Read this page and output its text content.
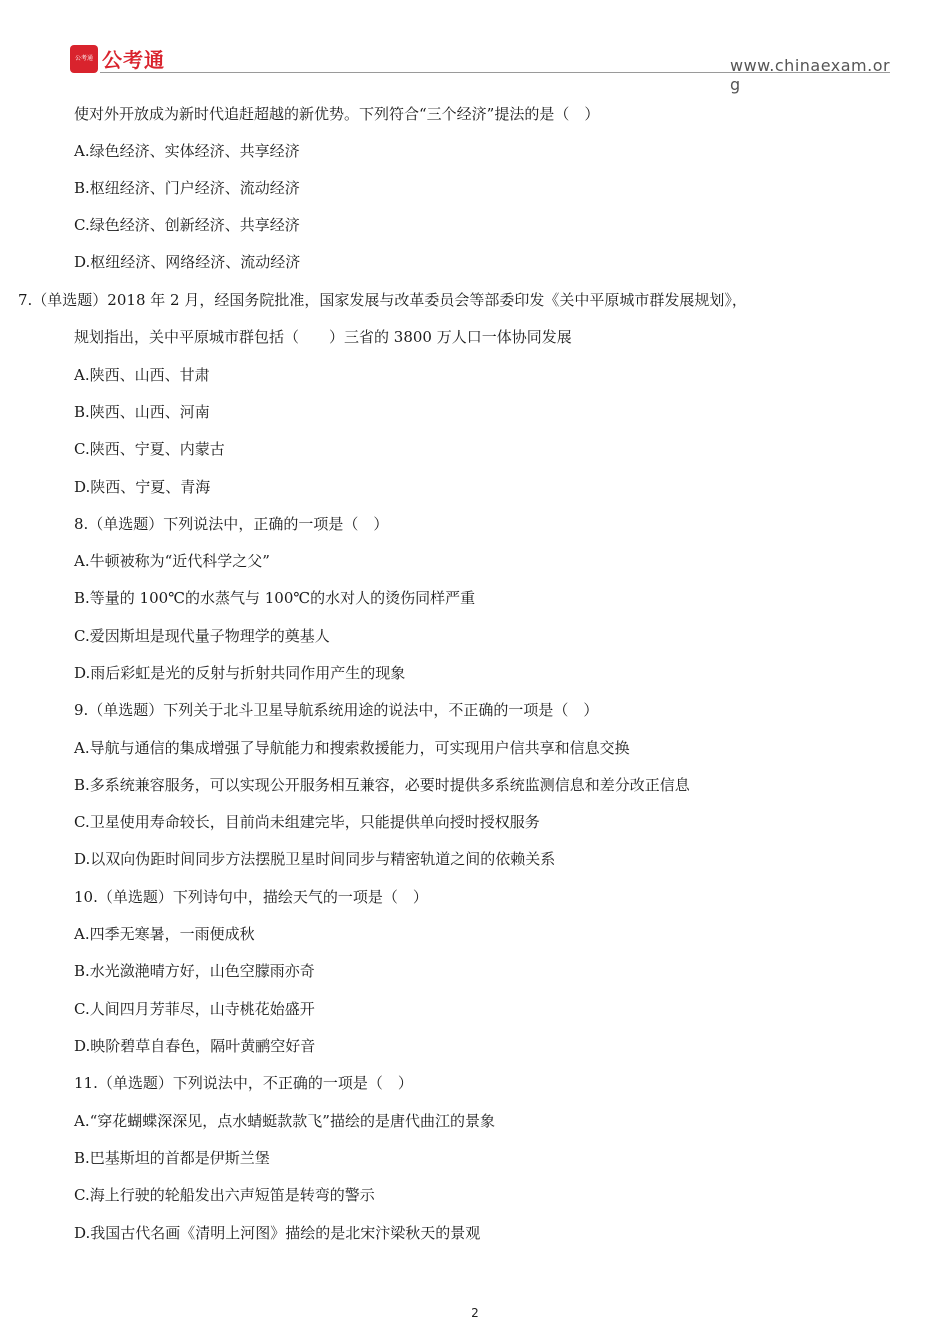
公考通 公考通	www.chinaexam.org
使对外开放成为新时代追赶超越的新优势。下列符合“三个经济”提法的是（　）
A.绿色经济、实体经济、共享经济
B.枢纽经济、门户经济、流动经济
C.绿色经济、创新经济、共享经济
D.枢纽经济、网络经济、流动经济
7.（单选题）2018 年 2 月，经国务院批准，国家发展与改革委员会等部委印发《关中平原城市群发展规划》，
规划指出，关中平原城市群包括（　　）三省的 3800 万人口一体协同发展
A.陕西、山西、甘肃
B.陕西、山西、河南
C.陕西、宁夏、内蒙古
D.陕西、宁夏、青海
8.（单选题）下列说法中，正确的一项是（　）
A.牛顿被称为“近代科学之父”
B.等量的 100℃的水蒸气与 100℃的水对人的烫伤同样严重
C.爱因斯坦是现代量子物理学的奠基人
D.雨后彩虹是光的反射与折射共同作用产生的现象
9.（单选题）下列关于北斗卫星导航系统用途的说法中，不正确的一项是（　）
A.导航与通信的集成增强了导航能力和搜索救援能力，可实现用户信共享和信息交换
B.多系统兼容服务，可以实现公开服务相互兼容，必要时提供多系统监测信息和差分改正信息
C.卫星使用寿命较长，目前尚未组建完毕，只能提供单向授时授权服务
D.以双向伪距时间同步方法摆脱卫星时间同步与精密轨道之间的依赖关系
10.（单选题）下列诗句中，描绘天气的一项是（　）
A.四季无寒暑，一雨便成秋
B.水光潋滟晴方好，山色空朦雨亦奇
C.人间四月芳菲尽，山寺桃花始盛开
D.映阶碧草自春色，隔叶黄鹂空好音
11.（单选题）下列说法中，不正确的一项是（　）
A.“穿花蝴蝶深深见，点水蜻蜓款款飞”描绘的是唐代曲江的景象
B.巴基斯坦的首都是伊斯兰堡
C.海上行驶的轮船发出六声短笛是转弯的警示
D.我国古代名画《清明上河图》描绘的是北宋汴梁秋天的景观
2
